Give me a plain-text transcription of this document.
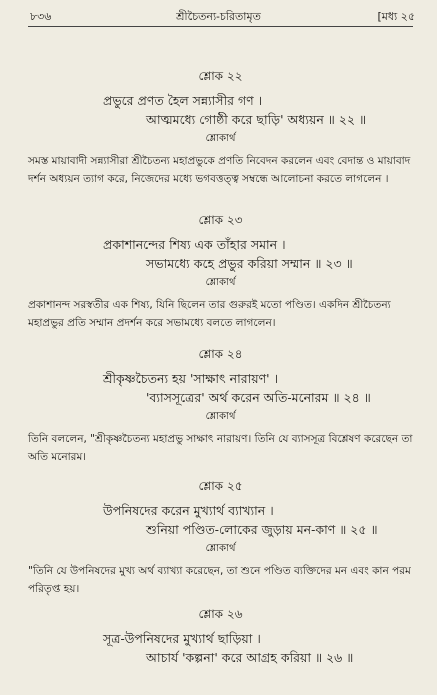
৮৩৬	শ্রীচৈতন্য-চরিতামৃত	[মধ্য ২৫
শ্লোক ২২
প্রভুরে প্রণত হৈল সন্ন্যাসীর গণ ।
আত্মমধ্যে গোষ্ঠী করে ছাড়ি' অধ্যয়ন ॥ ২২ ॥
শ্লোকার্থ
সমস্ত মায়াবাদী সন্ন্যাসীরা শ্রীচৈতন্য মহাপ্রভুকে প্রণতি নিবেদন করলেন এবং বেদান্ত ও মায়াবাদ দর্শন অধ্যয়ন ত্যাগ করে, নিজেদের মধ্যে ভগবত্তত্ত্ব সম্বন্ধে আলোচনা করতে লাগলেন ।
শ্লোক ২৩
প্রকাশানন্দের শিষ্য এক তাঁহার সমান ।
সভামধ্যে কহে প্রভুর করিয়া সম্মান ॥ ২৩ ॥
শ্লোকার্থ
প্রকাশানন্দ সরস্বতীর এক শিষ্য, যিনি ছিলেন তার গুরুরই মতো পণ্ডিত। একদিন শ্রীচৈতন্য মহাপ্রভুর প্রতি সম্মান প্রদর্শন করে সভামধ্যে বলতে লাগলেন।
শ্লোক ২৪
শ্রীকৃষ্ণচৈতন্য হয় 'সাক্ষাৎ নারায়ণ' ।
'ব্যাসসূত্রের' অর্থ করেন অতি-মনোরম ॥ ২৪ ॥
শ্লোকার্থ
তিনি বললেন, "শ্রীকৃষ্ণচৈতন্য মহাপ্রভু সাক্ষাৎ নারায়ণ। তিনি যে ব্যাসসূত্র বিশ্লেষণ করেছেন তা অতি মনোরম।
শ্লোক ২৫
উপনিষদের করেন মুখ্যার্থ ব্যাখ্যান ।
শুনিয়া পণ্ডিত-লোকের জুড়ায় মন-কাণ ॥ ২৫ ॥
শ্লোকার্থ
"তিনি যে উপনিষদের মুখ্য অর্থ ব্যাখ্যা করেছেন, তা শুনে পণ্ডিত ব্যক্তিদের মন এবং কান পরম পরিতৃপ্ত হয়।
শ্লোক ২৬
সূত্র-উপনিষদের মুখ্যার্থ ছাড়িয়া ।
আচার্য 'কল্পনা' করে আগ্রহ করিয়া ॥ ২৬ ॥
